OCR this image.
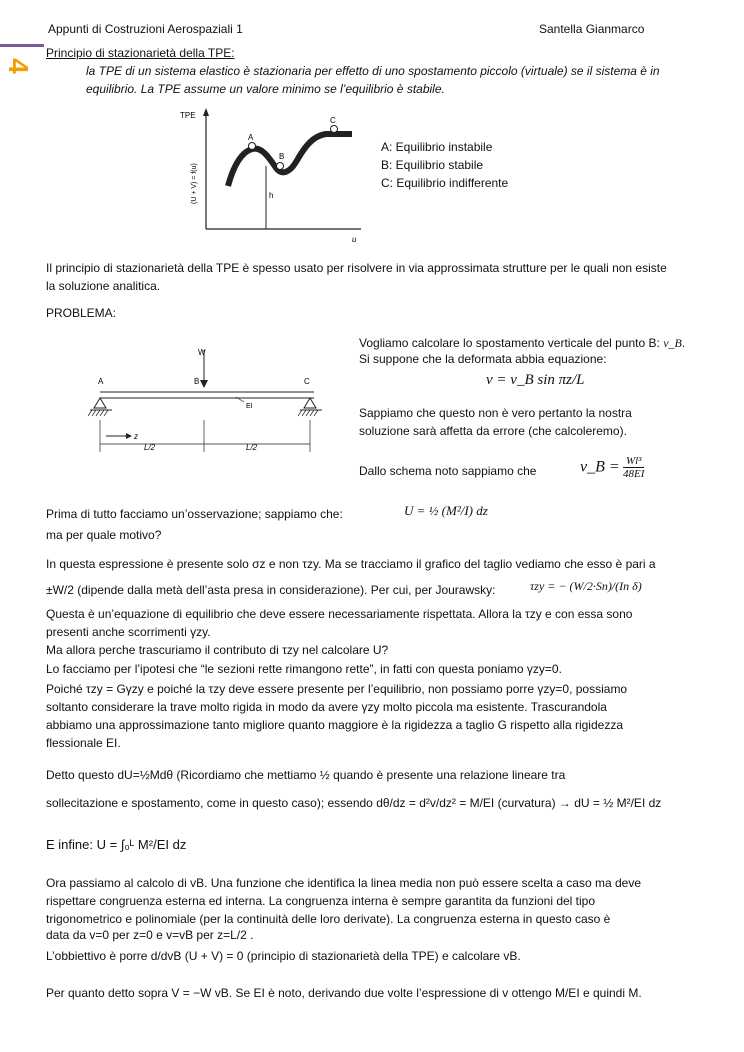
Appunti di Costruzioni Aerospaziali 1	Santella Gianmarco
4
Principio di stazionarietà della TPE:
la TPE di un sistema elastico è stazionaria per effetto di uno spostamento piccolo (virtuale) se il sistema è in
equilibrio. La TPE assume un valore minimo se l’equilibrio è stabile.
TPE
(U + V) = f(u)
u
h
A
B
C
A: Equilibrio instabile
B: Equilibrio stabile
C: Equilibrio indifferente
Il principio di stazionarietà della TPE è spesso usato per risolvere in via approssimata strutture per le quali non esiste
la soluzione analitica.
PROBLEMA:
W
A	B	C
EI
z
L/2	L/2
Vogliamo calcolare lo spostamento verticale del punto B: v_B.
Si suppone che la deformata abbia equazione:
v = v_B sin πz/L
Sappiamo che questo non è vero pertanto la nostra
soluzione sarà affetta da errore (che calcoleremo).
Dallo schema noto sappiamo che	v_B = $\frac{\text{Wl³}}{48EI}$
Prima di tutto facciamo un’osservazione; sappiamo che:	U = ½ (M²/I) dz
ma per quale motivo?
In questa espressione è presente solo σz e non τzy. Ma se tracciamo il grafico del taglio vediamo che esso è pari a
±W/2 (dipende dalla metà dell’asta presa in considerazione). Per cui, per Jourawsky:	τzy = − (W/2·Sn)/(In δ)
Questa è un’equazione di equilibrio che deve essere necessariamente rispettata. Allora la τzy e con essa sono
presenti anche scorrimenti γzy.
Ma allora perche trascuriamo il contributo di τzy nel calcolare U?
Lo facciamo per l’ipotesi che “le sezioni rette rimangono rette”, in fatti con questa poniamo γzy=0.
Poiché τzy = Gγzy e poiché la τzy deve essere presente per l’equilibrio, non possiamo porre γzy=0, possiamo
soltanto considerare la trave molto rigida in modo da avere γzy molto piccola ma esistente. Trascurandola
abbiamo una approssimazione tanto migliore quanto maggiore è la rigidezza a taglio G rispetto alla rigidezza
flessionale EI.
Detto questo dU=½Mdθ (Ricordiamo che mettiamo ½ quando è presente una relazione lineare tra
sollecitazione e spostamento, come in questo caso); essendo dθ/dz = d²v/dz² = M/EI (curvatura) → dU = ½ M²/EI dz
E infine: U = ∫₀ᴸ M²/EI dz
Ora passiamo al calcolo di vB. Una funzione che identifica la linea media non può essere scelta a caso ma deve
rispettare congruenza esterna ed interna. La congruenza interna è sempre garantita da funzioni del tipo
trigonometrico e polinomiale (per la continuità delle loro derivate). La congruenza esterna in questo caso è
data da v=0 per z=0 e v=vB per z=L/2 .
L’obbiettivo è porre d/dvB (U + V) = 0 (principio di stazionarietà della TPE) e calcolare vB.
Per quanto detto sopra V = −W vB. Se EI è noto, derivando due volte l’espressione di v ottengo M/EI e quindi M.
